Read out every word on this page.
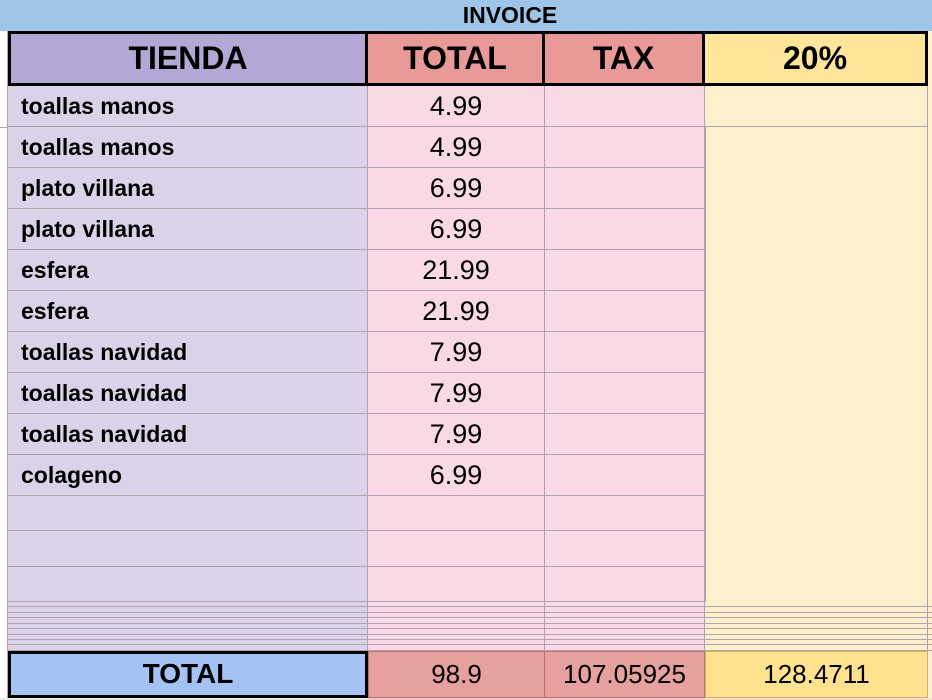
INVOICE
TIENDA	TOTAL	TAX	20%
toallas manos	4.99
toallas manos	4.99
plato villana	6.99
plato villana	6.99
esfera	21.99
esfera	21.99
toallas navidad	7.99
toallas navidad	7.99
toallas navidad	7.99
colageno	6.99
TOTAL	98.9	107.05925	128.4711
